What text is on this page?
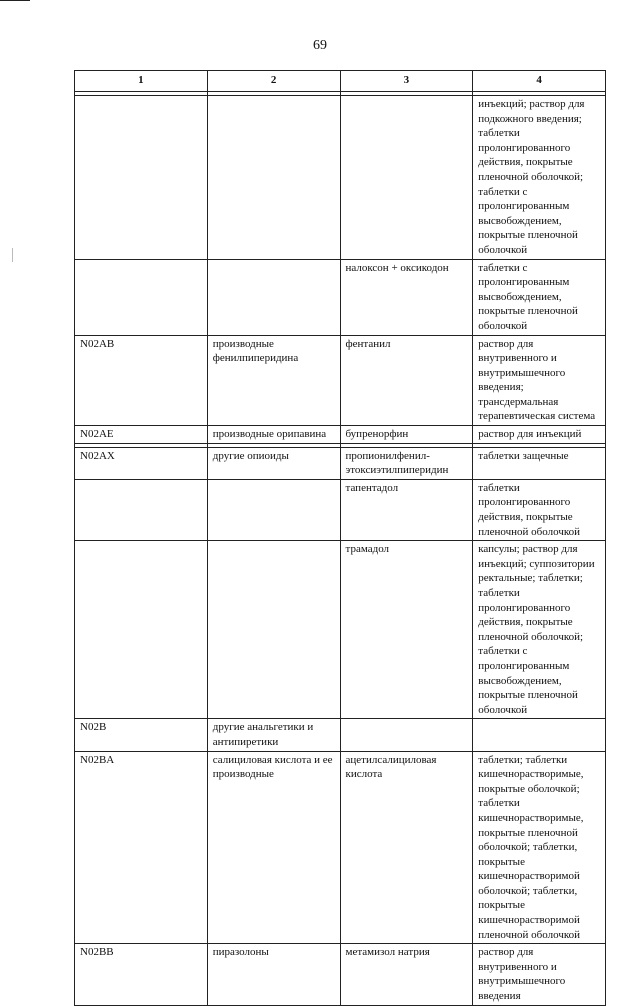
69
1	2	3	4

			инъекций; раствор для подкожного введения; таблетки пролонгированного действия, покрытые пленочной оболочкой; таблетки с пролонгированным высвобождением, покрытые пленочной оболочкой
		налоксон + оксикодон	таблетки с пролонгированным высвобождением, покрытые пленочной оболочкой
N02AB	производные фенилпиперидина	фентанил	раствор для внутривенного и внутримышечного введения; трансдермальная терапевтическая система
N02AE	производные орипавина	бупренорфин	раствор для инъекций

N02AX	другие опиоиды	пропионилфенил-этоксиэтилпиперидин	таблетки защечные
		тапентадол	таблетки пролонгированного действия, покрытые пленочной оболочкой
		трамадол	капсулы; раствор для инъекций; суппозитории ректальные; таблетки; таблетки пролонгированного действия, покрытые пленочной оболочкой; таблетки с пролонгированным высвобождением, покрытые пленочной оболочкой
N02B	другие анальгетики и антипиретики		
N02BA	салициловая кислота и ее производные	ацетилсалициловая кислота	таблетки; таблетки кишечнорастворимые, покрытые оболочкой; таблетки кишечнорастворимые, покрытые пленочной оболочкой; таблетки, покрытые кишечнорастворимой оболочкой; таблетки, покрытые кишечнорастворимой пленочной оболочкой
N02BB	пиразолоны	метамизол натрия	раствор для внутривенного и внутримышечного введения
